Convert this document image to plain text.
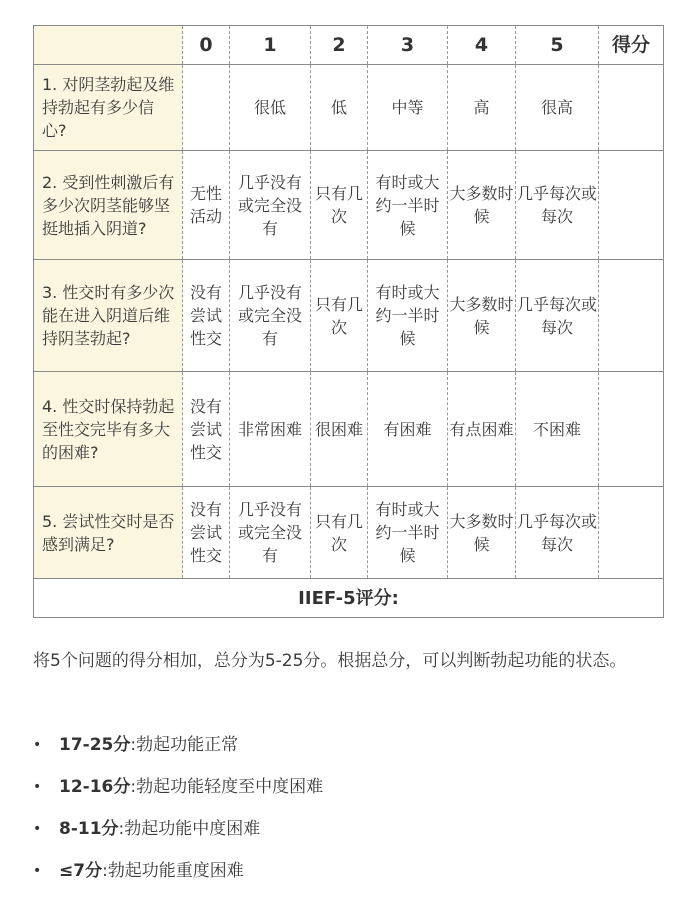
	0	1	2	3	4	5	得分
1. 对阴茎勃起及维持勃起有多少信心?		很低	低	中等	高	很高	
2. 受到性刺激后有多少次阴茎能够坚挺地插入阴道?	无性活动	几乎没有或完全没有	只有几次	有时或大约一半时候	大多数时候	几乎每次或每次	
3. 性交时有多少次能在进入阴道后维持阴茎勃起?	没有尝试性交	几乎没有或完全没有	只有几次	有时或大约一半时候	大多数时候	几乎每次或每次	
4. 性交时保持勃起至性交完毕有多大的困难?	没有尝试性交	非常困难	很困难	有困难	有点困难	不困难	
5. 尝试性交时是否感到满足?	没有尝试性交	几乎没有或完全没有	只有几次	有时或大约一半时候	大多数时候	几乎每次或每次	
IIEF-5评分:							

将5个问题的得分相加，总分为5-25分。根据总分，可以判断勃起功能的状态。

•	17-25分 : 勃起功能正常
•	12-16分 : 勃起功能轻度至中度困难
•	8-11分 : 勃起功能中度困难
•	≤7分 : 勃起功能重度困难
